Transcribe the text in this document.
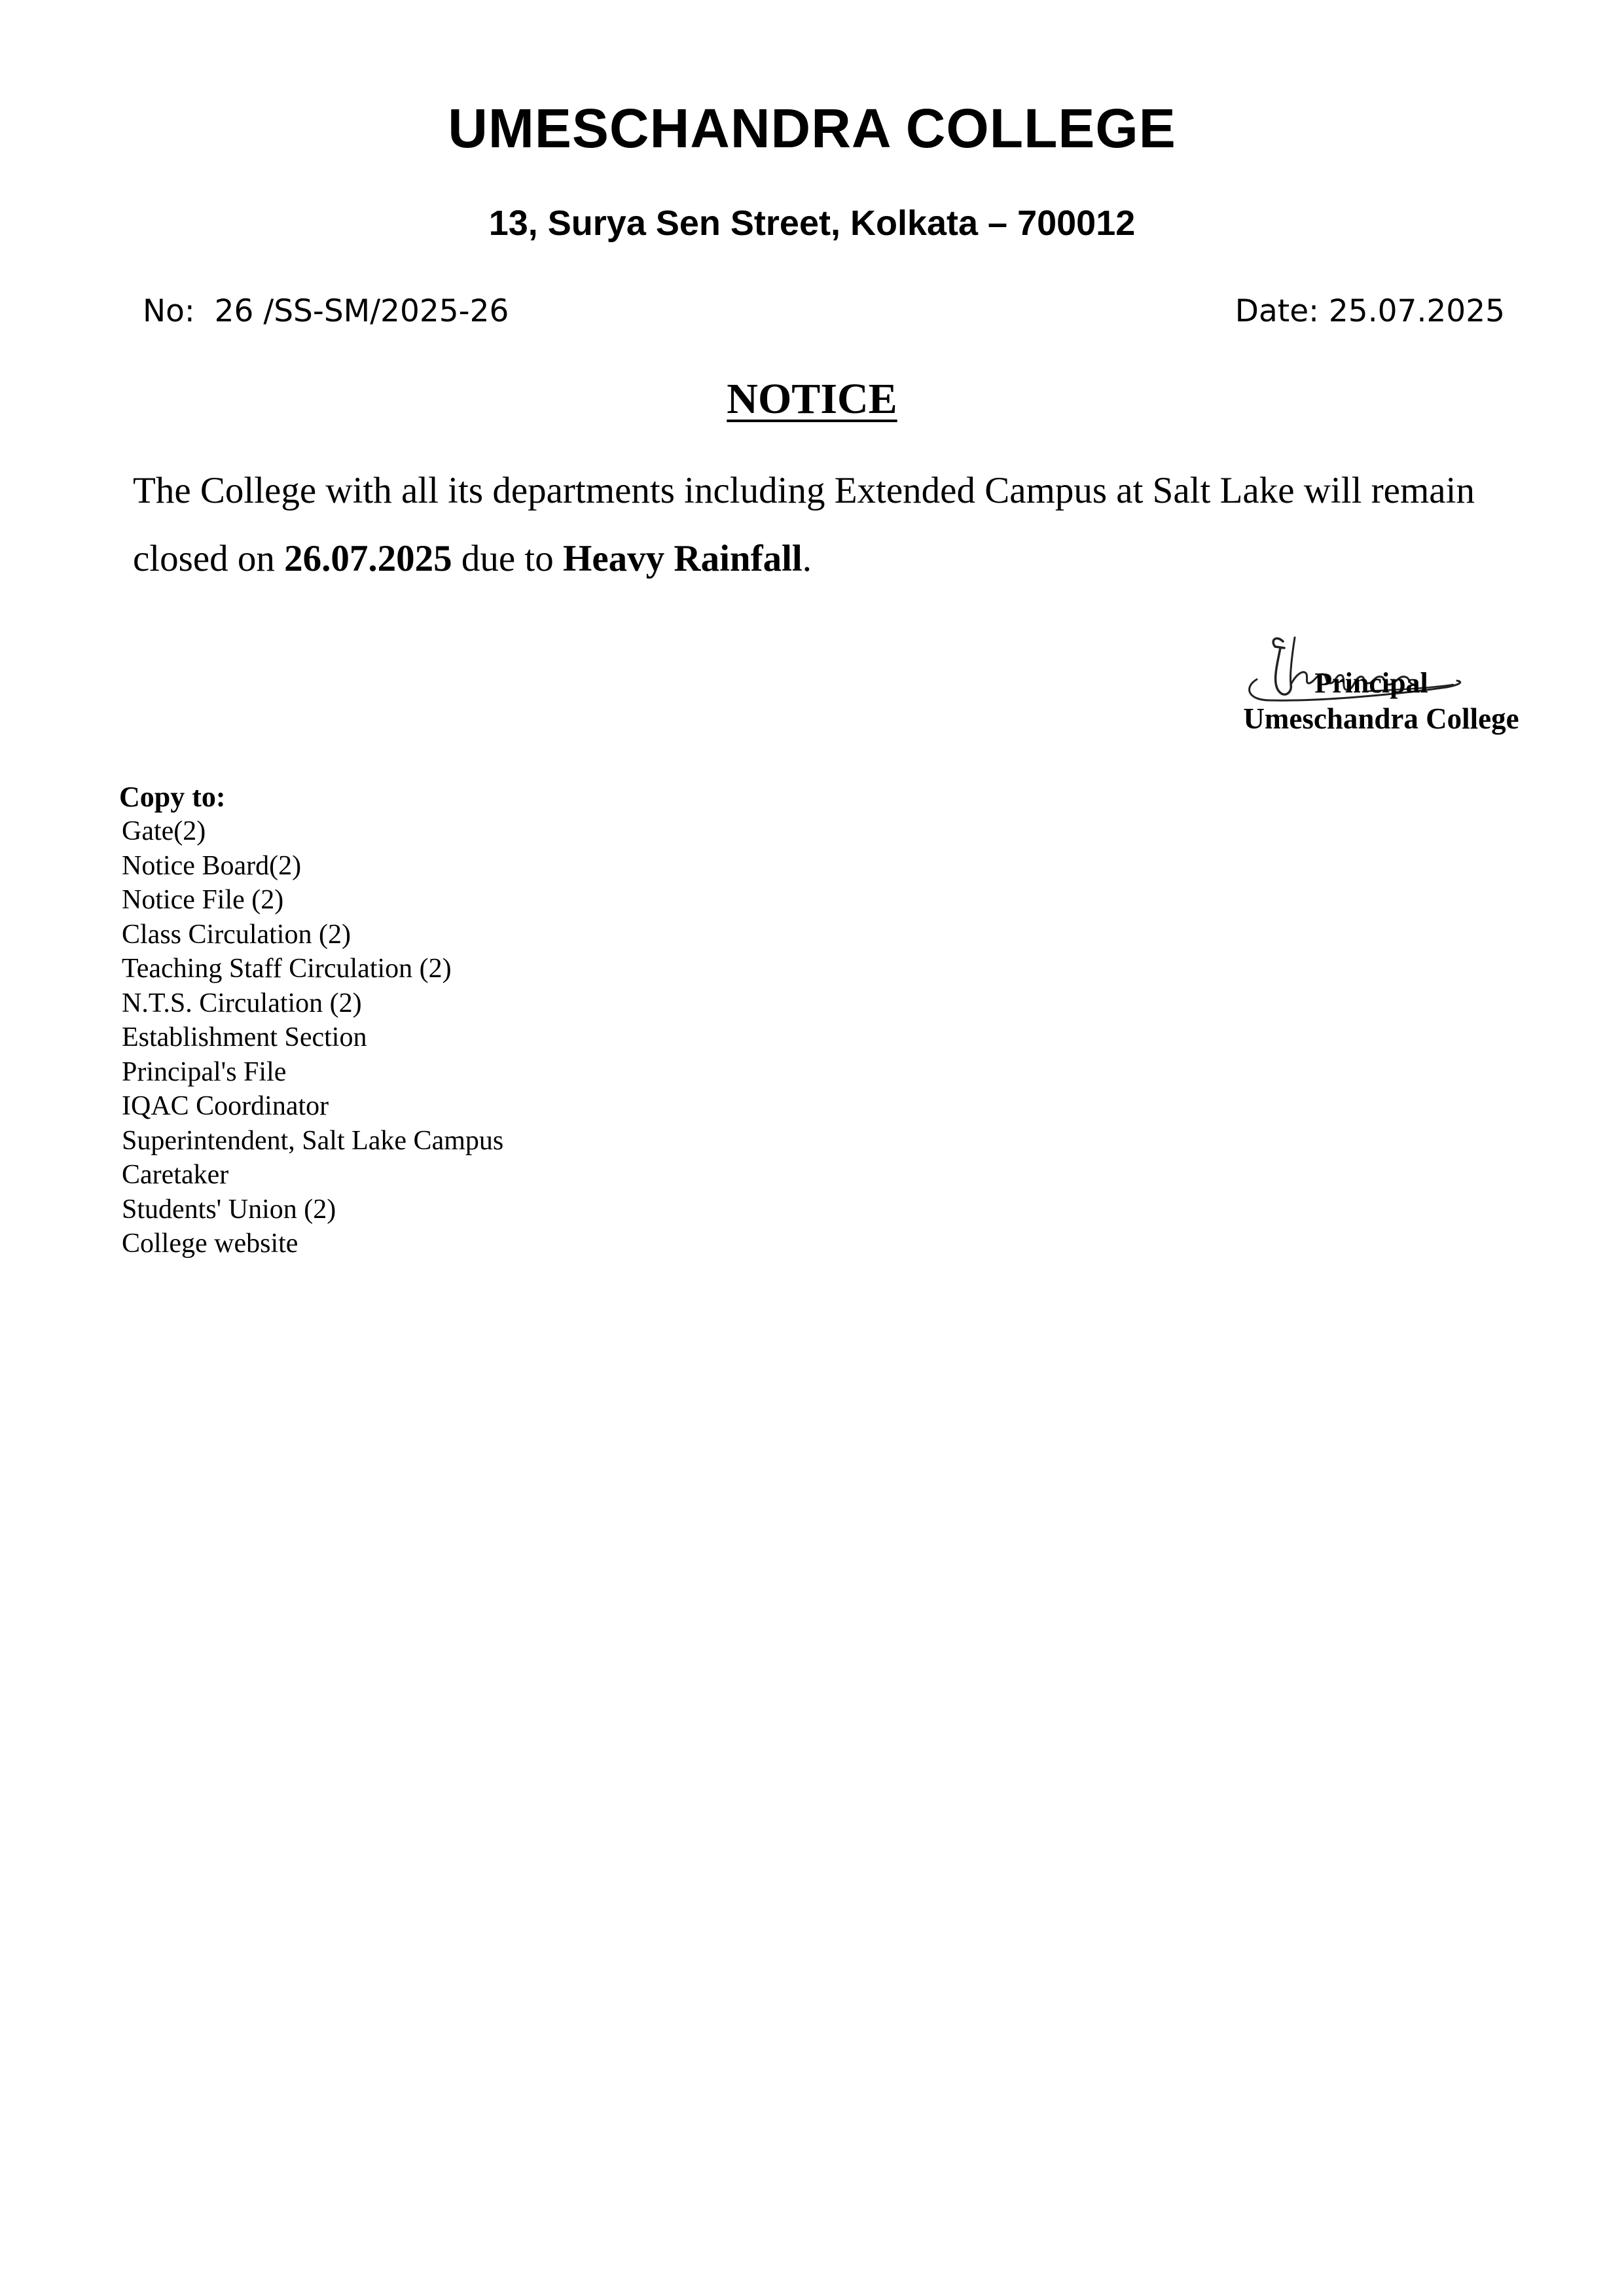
UMESCHANDRA COLLEGE
13, Surya Sen Street, Kolkata – 700012
No:  26 /SS-SM/2025-26	Date: 25.07.2025
NOTICE
The College with all its departments including Extended Campus at Salt Lake will remain closed on 26.07.2025 due to Heavy Rainfall.
Principal
Umeschandra College
Copy to:
Gate(2)
Notice Board(2)
Notice File (2)
Class Circulation (2)
Teaching Staff Circulation (2)
N.T.S. Circulation (2)
Establishment Section
Principal's File
IQAC Coordinator
Superintendent, Salt Lake Campus
Caretaker
Students' Union (2)
College website
